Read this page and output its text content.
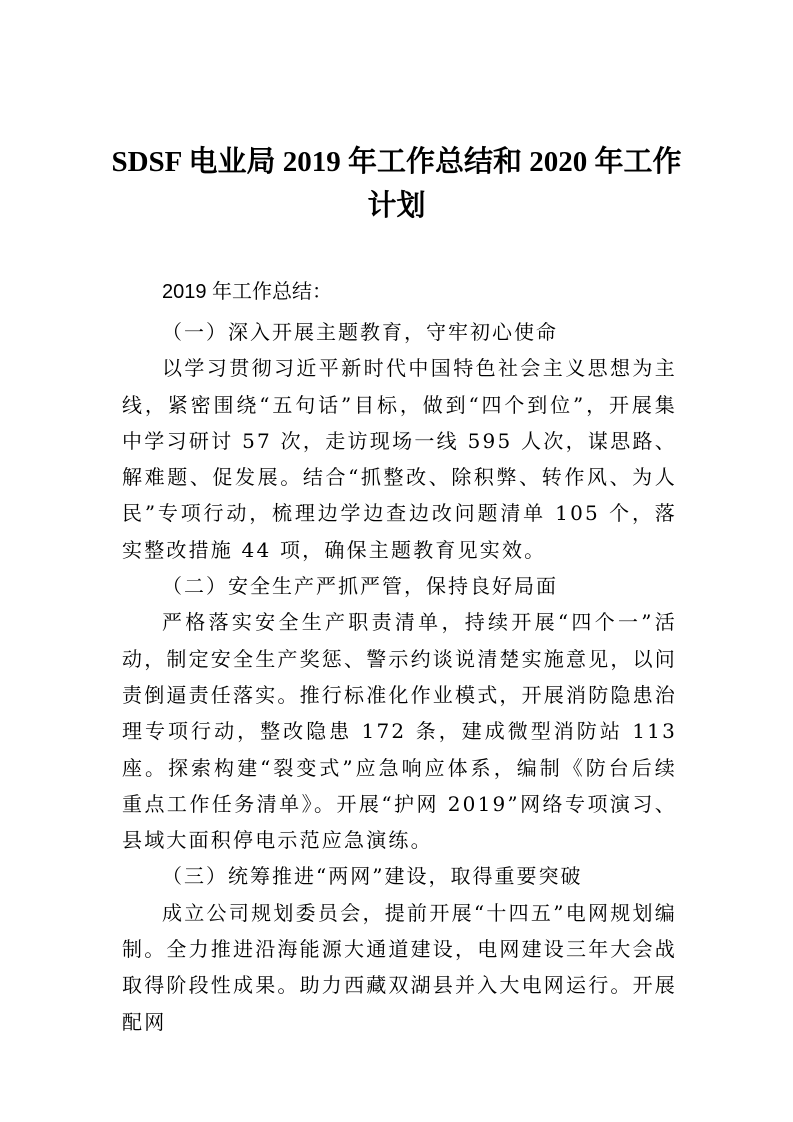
SDSF 电业局 2019 年工作总结和 2020 年工作计划

2019 年工作总结：

（一）深入开展主题教育，守牢初心使命

以学习贯彻习近平新时代中国特色社会主义思想为主线，紧密围绕“五句话”目标，做到“四个到位”，开展集中学习研讨 57 次，走访现场一线 595 人次，谋思路、解难题、促发展。结合“抓整改、除积弊、转作风、为人民”专项行动，梳理边学边查边改问题清单 105 个，落实整改措施 44 项，确保主题教育见实效。

（二）安全生产严抓严管，保持良好局面

严格落实安全生产职责清单，持续开展“四个一”活动，制定安全生产奖惩、警示约谈说清楚实施意见，以问责倒逼责任落实。推行标准化作业模式，开展消防隐患治理专项行动，整改隐患 172 条，建成微型消防站 113 座。探索构建“裂变式”应急响应体系，编制《防台后续重点工作任务清单》。开展“护网 2019”网络专项演习、县域大面积停电示范应急演练。

（三）统筹推进“两网”建设，取得重要突破

成立公司规划委员会，提前开展“十四五”电网规划编制。全力推进沿海能源大通道建设，电网建设三年大会战取得阶段性成果。助力西藏双湖县并入大电网运行。开展配网
